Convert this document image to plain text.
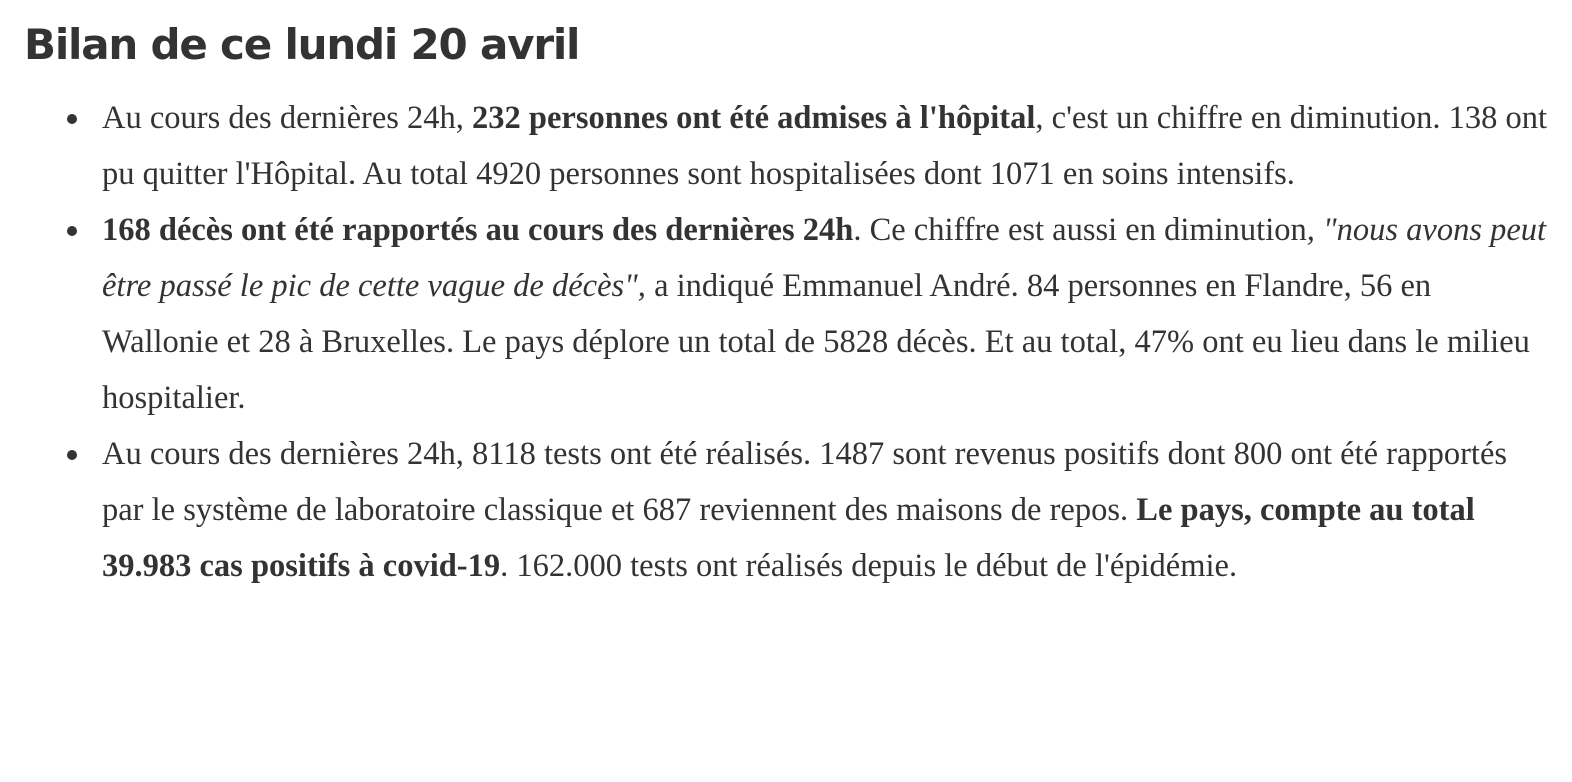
Bilan de ce lundi 20 avril
Au cours des dernières 24h, 232 personnes ont été admises à l'hôpital, c'est un chiffre en diminution. 138 ont pu quitter l'Hôpital. Au total 4920 personnes sont hospitalisées dont 1071 en soins intensifs.
168 décès ont été rapportés au cours des dernières 24h. Ce chiffre est aussi en diminution, "nous avons peut être passé le pic de cette vague de décès", a indiqué Emmanuel André. 84 personnes en Flandre, 56 en Wallonie et 28 à Bruxelles. Le pays déplore un total de 5828 décès. Et au total, 47% ont eu lieu dans le milieu hospitalier.
Au cours des dernières 24h, 8118 tests ont été réalisés. 1487 sont revenus positifs dont 800 ont été rapportés par le système de laboratoire classique et 687 reviennent des maisons de repos. Le pays, compte au total 39.983 cas positifs à covid-19. 162.000 tests ont réalisés depuis le début de l'épidémie.
